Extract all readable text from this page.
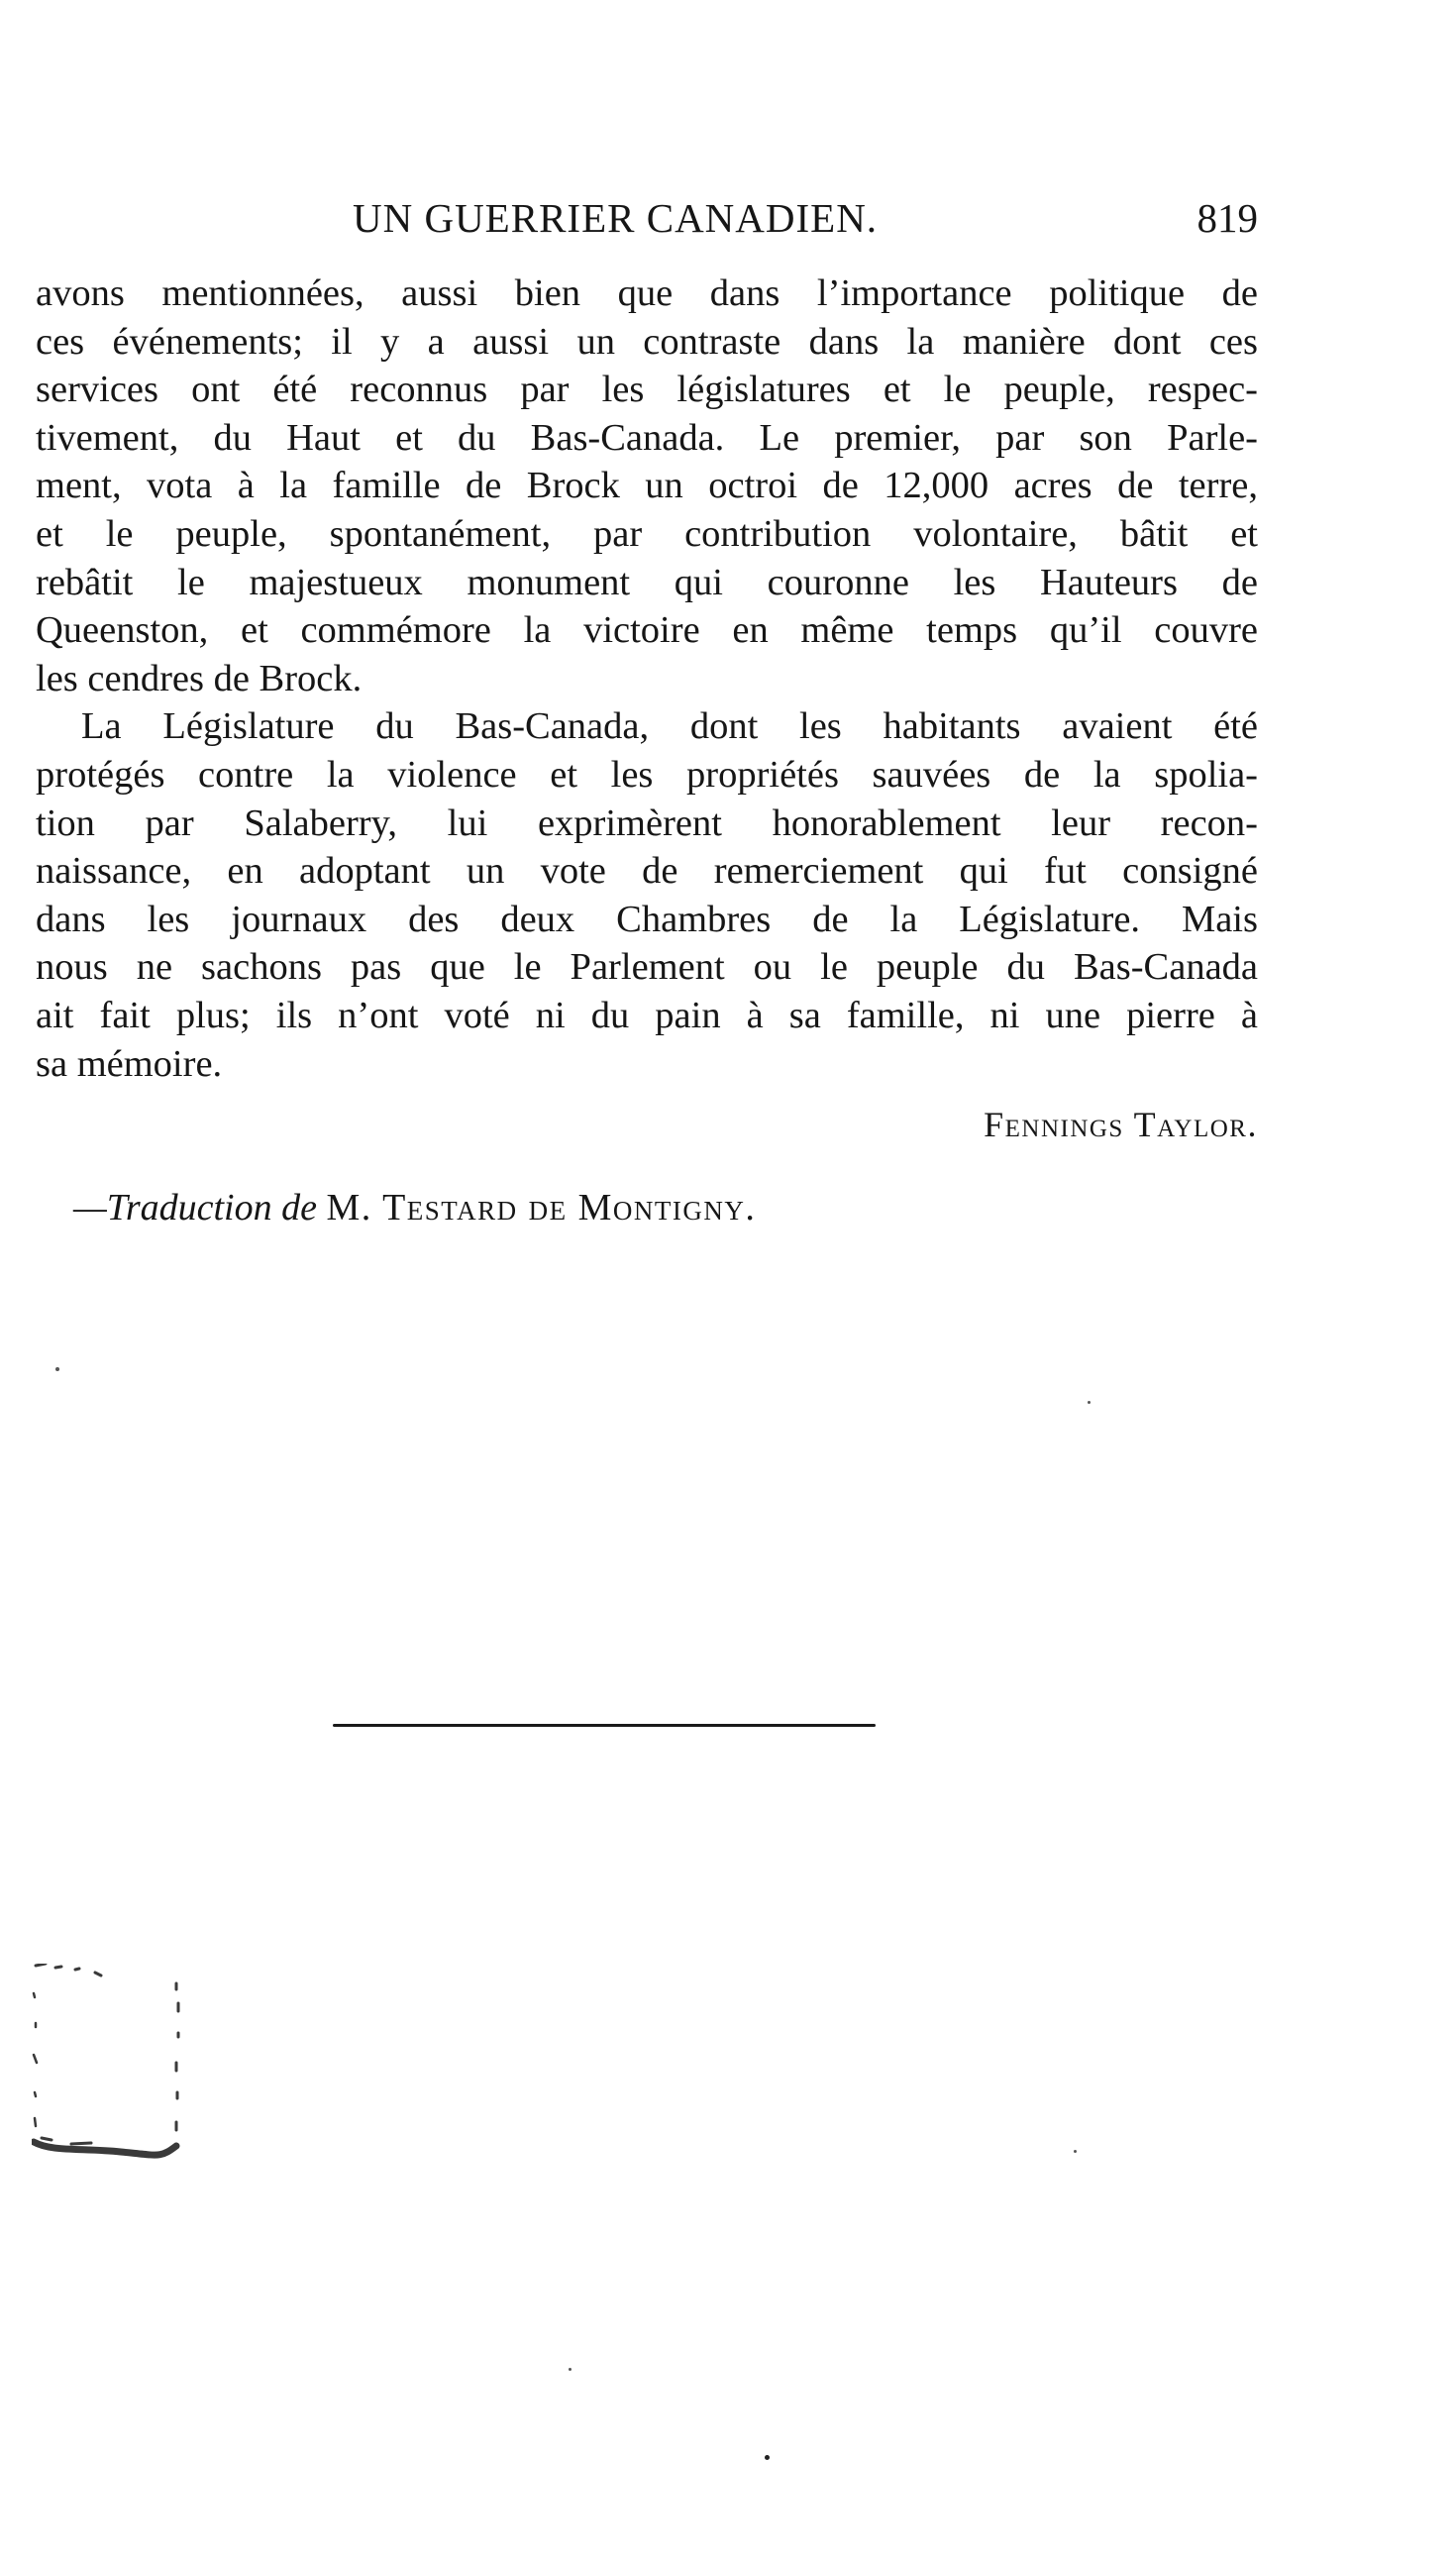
UN GUERRIER CANADIEN.	819
avons mentionnées, aussi bien que dans l’importance politique de
ces événements; il y a aussi un contraste dans la manière dont ces
services ont été reconnus par les législatures et le peuple, respec-
tivement, du Haut et du Bas-Canada. Le premier, par son Parle-
ment, vota à la famille de Brock un octroi de 12,000 acres de terre,
et le peuple, spontanément, par contribution volontaire, bâtit et
rebâtit le majestueux monument qui couronne les Hauteurs de
Queenston, et commémore la victoire en même temps qu’il couvre
les cendres de Brock.
La Législature du Bas-Canada, dont les habitants avaient été
protégés contre la violence et les propriétés sauvées de la spolia-
tion par Salaberry, lui exprimèrent honorablement leur recon-
naissance, en adoptant un vote de remerciement qui fut consigné
dans les journaux des deux Chambres de la Législature. Mais
nous ne sachons pas que le Parlement ou le peuple du Bas-Canada
ait fait plus; ils n’ont voté ni du pain à sa famille, ni une pierre à
sa mémoire.
Fennings Taylor.
—Traduction de M. Testard de Montigny.
